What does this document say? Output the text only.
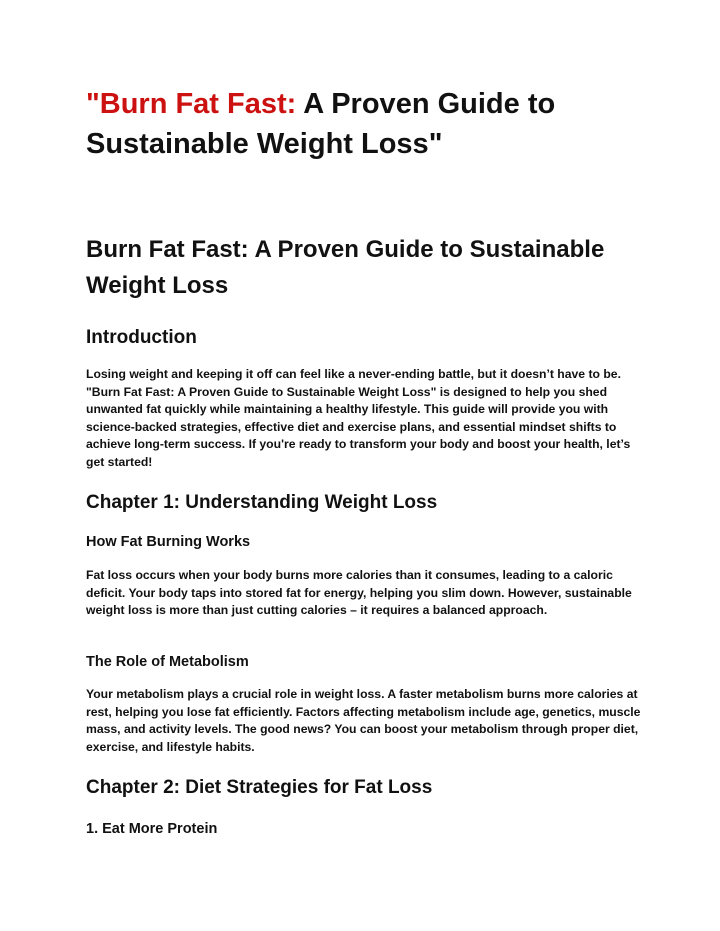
"Burn Fat Fast: A Proven Guide to Sustainable Weight Loss"
Burn Fat Fast: A Proven Guide to Sustainable Weight Loss
Introduction

Losing weight and keeping it off can feel like a never-ending battle, but it doesn’t have to be. "Burn Fat Fast: A Proven Guide to Sustainable Weight Loss" is designed to help you shed unwanted fat quickly while maintaining a healthy lifestyle. This guide will provide you with science-backed strategies, effective diet and exercise plans, and essential mindset shifts to achieve long-term success. If you're ready to transform your body and boost your health, let’s get started!

Chapter 1: Understanding Weight Loss
How Fat Burning Works

Fat loss occurs when your body burns more calories than it consumes, leading to a caloric deficit. Your body taps into stored fat for energy, helping you slim down. However, sustainable weight loss is more than just cutting calories – it requires a balanced approach.

The Role of Metabolism

Your metabolism plays a crucial role in weight loss. A faster metabolism burns more calories at rest, helping you lose fat efficiently. Factors affecting metabolism include age, genetics, muscle mass, and activity levels. The good news? You can boost your metabolism through proper diet, exercise, and lifestyle habits.

Chapter 2: Diet Strategies for Fat Loss
1. Eat More Protein
